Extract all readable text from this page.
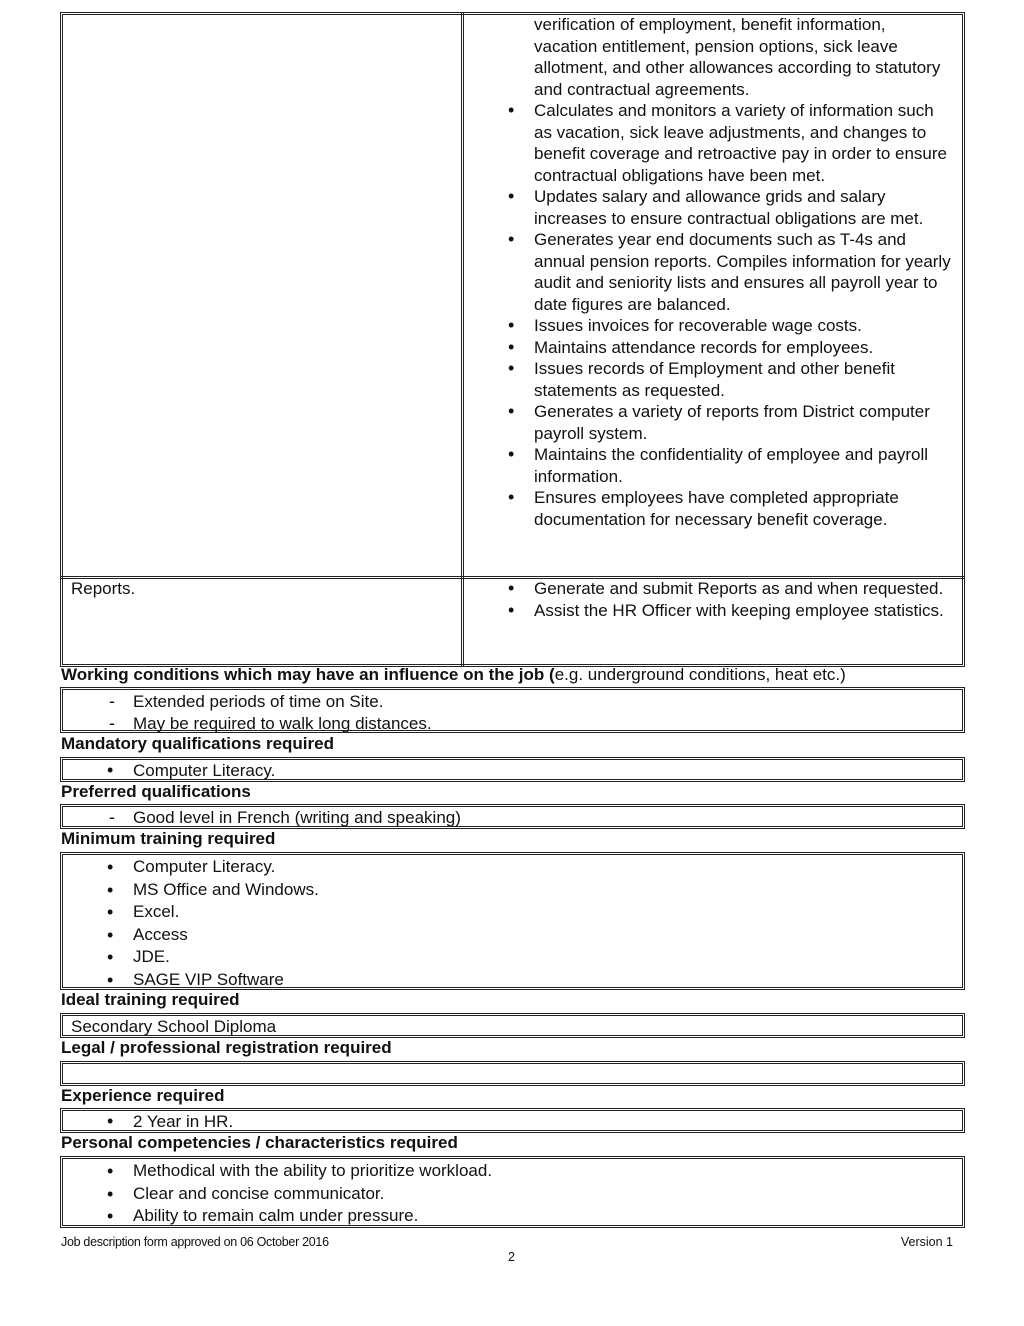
verification of employment, benefit information, vacation entitlement, pension options, sick leave allotment, and other allowances according to statutory and contractual agreements.
• Calculates and monitors a variety of information such as vacation, sick leave adjustments, and changes to benefit coverage and retroactive pay in order to ensure contractual obligations have been met.
• Updates salary and allowance grids and salary increases to ensure contractual obligations are met.
• Generates year end documents such as T-4s and annual pension reports. Compiles information for yearly audit and seniority lists and ensures all payroll year to date figures are balanced.
• Issues invoices for recoverable wage costs.
• Maintains attendance records for employees.
• Issues records of Employment and other benefit statements as requested.
• Generates a variety of reports from District computer payroll system.
• Maintains the confidentiality of employee and payroll information.
• Ensures employees have completed appropriate documentation for necessary benefit coverage.
Reports.	• Generate and submit Reports as and when requested.
• Assist the HR Officer with keeping employee statistics.
Working conditions which may have an influence on the job (e.g. underground conditions, heat etc.)
- Extended periods of time on Site.
- May be required to walk long distances.
Mandatory qualifications required
• Computer Literacy.
Preferred qualifications
- Good level in French (writing and speaking)
Minimum training required
• Computer Literacy.
• MS Office and Windows.
• Excel.
• Access
• JDE.
• SAGE VIP Software
Ideal training required
Secondary School Diploma
Legal / professional registration required
Experience required
• 2 Year in HR.
Personal competencies / characteristics required
• Methodical with the ability to prioritize workload.
• Clear and concise communicator.
• Ability to remain calm under pressure.
Job description form approved on 06 October 2016	Version 1
2
